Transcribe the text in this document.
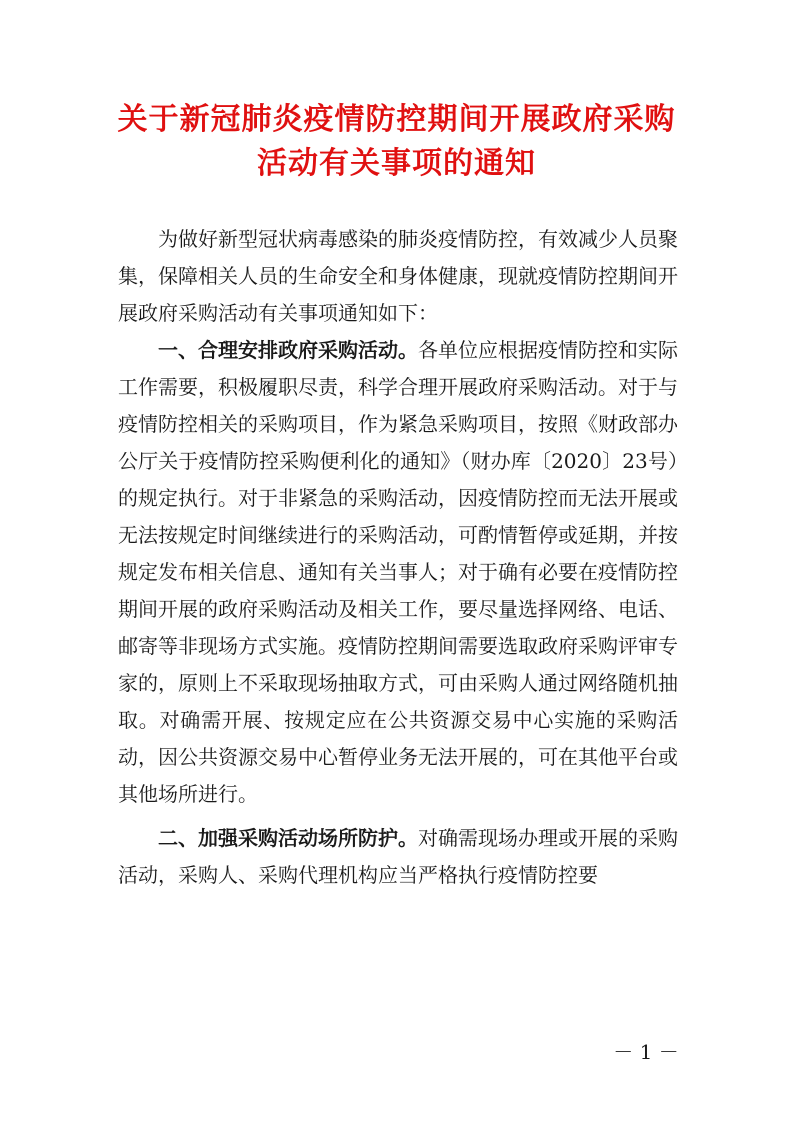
关于新冠肺炎疫情防控期间开展政府采购
活动有关事项的通知

为做好新型冠状病毒感染的肺炎疫情防控，有效减少人员聚集，保障相关人员的生命安全和身体健康，现就疫情防控期间开展政府采购活动有关事项通知如下：

一、合理安排政府采购活动。各单位应根据疫情防控和实际工作需要，积极履职尽责，科学合理开展政府采购活动。对于与疫情防控相关的采购项目，作为紧急采购项目，按照《财政部办公厅关于疫情防控采购便利化的通知》（财办库〔2020〕23号）的规定执行。对于非紧急的采购活动，因疫情防控而无法开展或无法按规定时间继续进行的采购活动，可酌情暂停或延期，并按规定发布相关信息、通知有关当事人；对于确有必要在疫情防控期间开展的政府采购活动及相关工作，要尽量选择网络、电话、邮寄等非现场方式实施。疫情防控期间需要选取政府采购评审专家的，原则上不采取现场抽取方式，可由采购人通过网络随机抽取。对确需开展、按规定应在公共资源交易中心实施的采购活动，因公共资源交易中心暂停业务无法开展的，可在其他平台或其他场所进行。

二、加强采购活动场所防护。对确需现场办理或开展的采购活动，采购人、采购代理机构应当严格执行疫情防控要

－ 1 －
